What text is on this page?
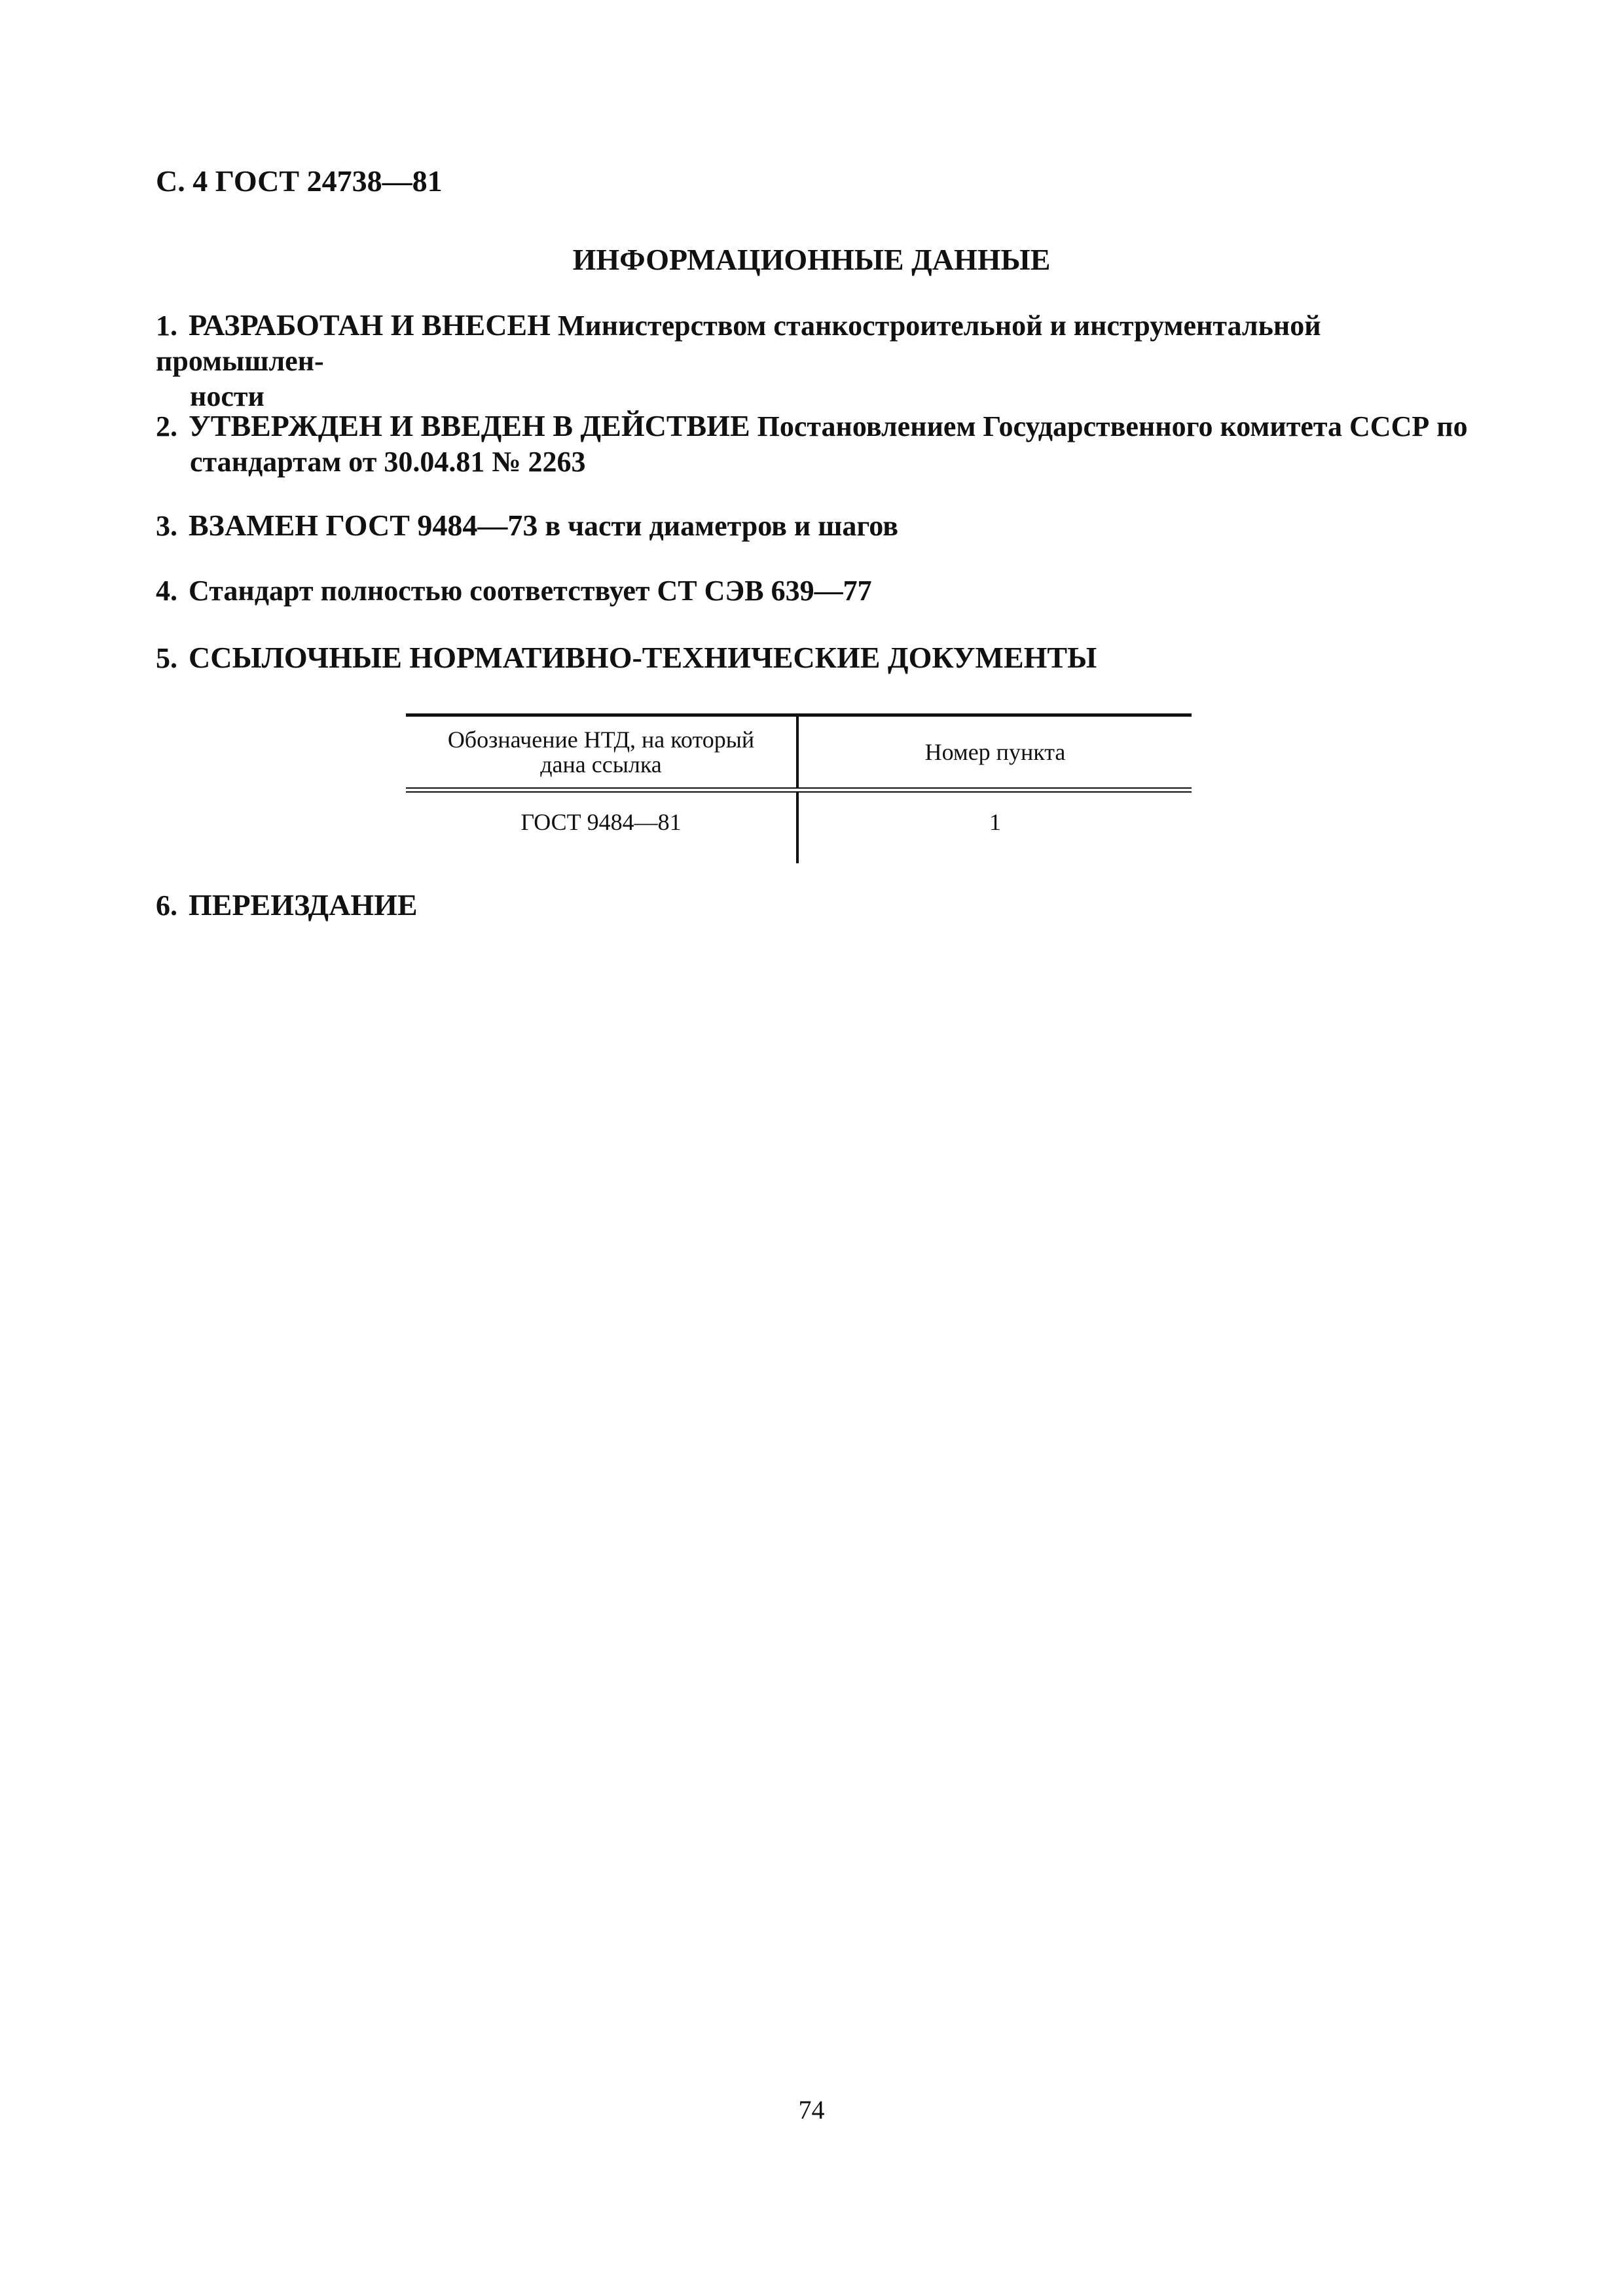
С. 4 ГОСТ 24738—81
ИНФОРМАЦИОННЫЕ ДАННЫЕ
1. РАЗРАБОТАН И ВНЕСЕН Министерством станкостроительной и инструментальной промышлен-
ности
2. УТВЕРЖДЕН И ВВЕДЕН В ДЕЙСТВИЕ Постановлением Государственного комитета СССР по
стандартам от 30.04.81 № 2263
3. ВЗАМЕН ГОСТ 9484—73 в части диаметров и шагов
4. Стандарт полностью соответствует СТ СЭВ 639—77
5. ССЫЛОЧНЫЕ НОРМАТИВНО-ТЕХНИЧЕСКИЕ ДОКУМЕНТЫ
Обозначение НТД, на который дана ссылка	Номер пункта
ГОСТ 9484—81	1
6. ПЕРЕИЗДАНИЕ
74
